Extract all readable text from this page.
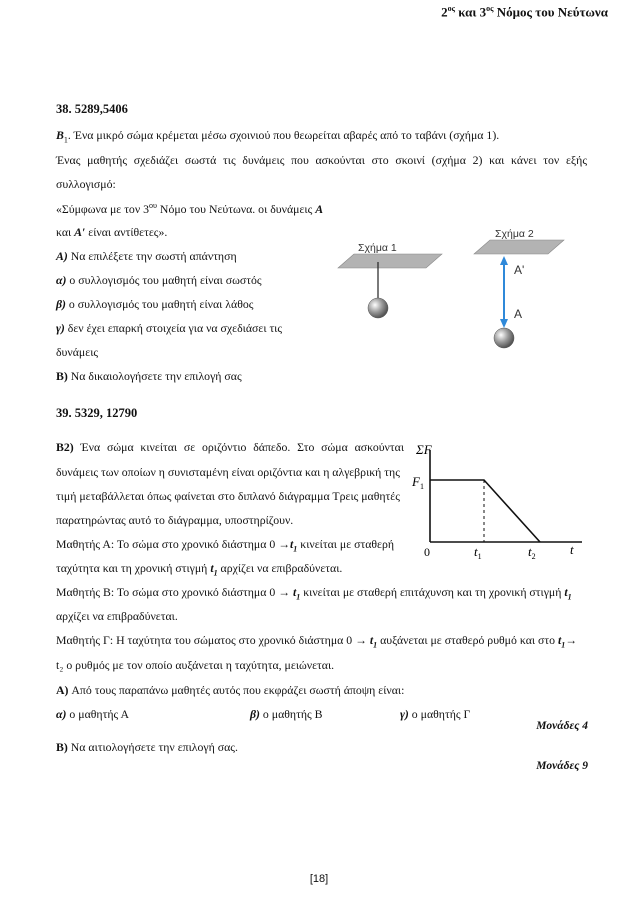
$2^{o\varsigma}$ και $3^{o\varsigma}$ Νόμος του Νεύτωνα
38. 5289,5406
$B_1$. Ένα μικρό σώμα κρέμεται μέσω σχοινιού που θεωρείται αβαρές από το ταβάνι (σχήμα 1).
Ένας μαθητής σχεδιάζει σωστά τις δυνάμεις που ασκούνται στο σκοινί (σχήμα 2) και κάνει τον εξής
συλλογισμό:
«Σύμφωνα με τον $3^{o\upsilon}$ Νόμο του Νεύτωνα. οι δυνάμεις A
και A′ είναι αντίθετες».
A) Να επιλέξετε την σωστή απάντηση
α) ο συλλογισμός του μαθητή είναι σωστός
β) ο συλλογισμός του μαθητή είναι λάθος
γ) δεν έχει επαρκή στοιχεία για να σχεδιάσει τις
δυνάμεις
B) Να δικαιολογήσετε την επιλογή σας
Σχήμα 1
Σχήμα 2
A'
A
39. 5329, 12790
B2) Ένα σώμα κινείται σε οριζόντιο δάπεδο. Στο σώμα ασκούνται
δυνάμεις των οποίων η συνισταμένη είναι οριζόντια και η αλγεβρική της
τιμή μεταβάλλεται όπως φαίνεται στο διπλανό διάγραμμα Τρεις μαθητές
παρατηρώντας αυτό το διάγραμμα, υποστηρίζουν.
Μαθητής Α: Το σώμα στο χρονικό διάστημα $0 \to t_1$ κινείται με σταθερή
ταχύτητα και τη χρονική στιγμή $t_1$ αρχίζει να επιβραδύνεται.
Μαθητής Β: Το σώμα στο χρονικό διάστημα $0 \to t_1$ κινείται με σταθερή επιτάχυνση και τη χρονική στιγμή $t_1$
αρχίζει να επιβραδύνεται.
Μαθητής Γ: Η ταχύτητα του σώματος στο χρονικό διάστημα $0 \to t_1$ αυξάνεται με σταθερό ρυθμό και στο $t_1\to$
t₂ ο ρυθμός με τον οποίο αυξάνεται η ταχύτητα, μειώνεται.
A) Από τους παραπάνω μαθητές αυτός που εκφράζει σωστή άποψη είναι:
α) ο μαθητής Α	β) ο μαθητής Β	γ) ο μαθητής Γ
Μονάδες 4
B) Να αιτιολογήσετε την επιλογή σας.
Μονάδες 9
ΣF
$F_1$
0	$t_1$	$t_2$	t
[18]
